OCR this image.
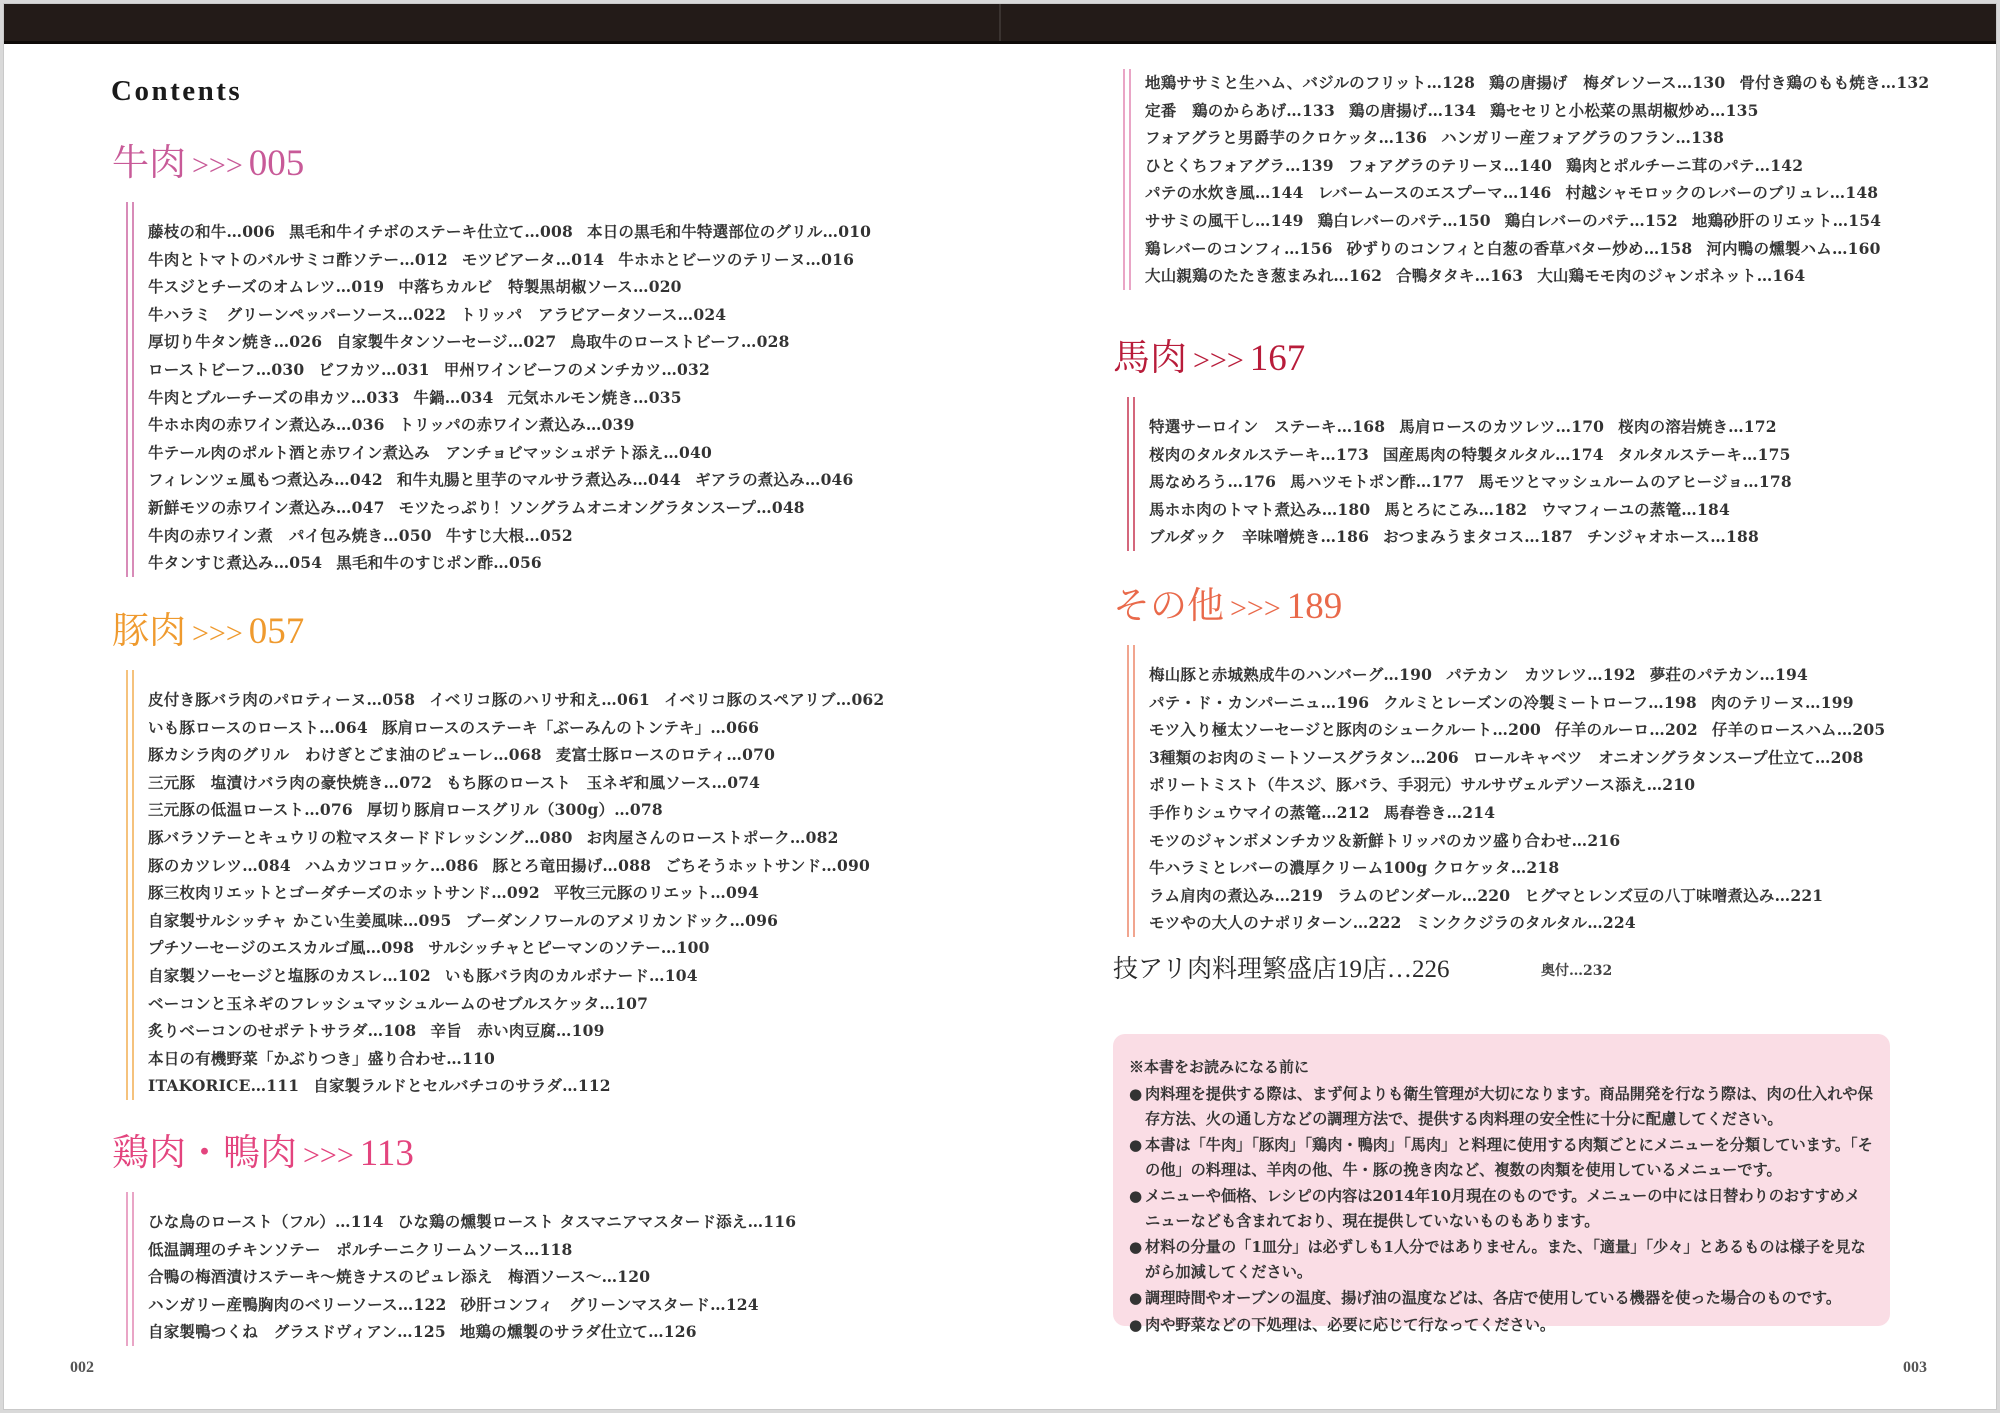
Contents
牛肉 >>> 005
藤枝の和牛…006 黒毛和牛イチボのステーキ仕立て…008 本日の黒毛和牛特選部位のグリル…010
牛肉とトマトのバルサミコ酢ソテー…012 モツビアータ…014 牛ホホとビーツのテリーヌ…016
牛スジとチーズのオムレツ…019 中落ちカルビ　特製黒胡椒ソース…020
牛ハラミ　グリーンペッパーソース…022 トリッパ　アラビアータソース…024
厚切り牛タン焼き…026 自家製牛タンソーセージ…027 鳥取牛のローストビーフ…028
ローストビーフ…030 ビフカツ…031 甲州ワインビーフのメンチカツ…032
牛肉とブルーチーズの串カツ…033 牛鍋…034 元気ホルモン焼き…035
牛ホホ肉の赤ワイン煮込み…036 トリッパの赤ワイン煮込み…039
牛テール肉のポルト酒と赤ワイン煮込み　アンチョビマッシュポテト添え…040
フィレンツェ風もつ煮込み…042 和牛丸腸と里芋のマルサラ煮込み…044 ギアラの煮込み…046
新鮮モツの赤ワイン煮込み…047 モツたっぷり！ソングラムオニオングラタンスープ…048
牛肉の赤ワイン煮　パイ包み焼き…050 牛すじ大根…052
牛タンすじ煮込み…054 黒毛和牛のすじポン酢…056
豚肉 >>> 057
皮付き豚バラ肉のパロティーヌ…058 イベリコ豚のハリサ和え…061 イベリコ豚のスペアリブ…062
いも豚ロースのロースト…064 豚肩ロースのステーキ「ぶーみんのトンテキ」…066
豚カシラ肉のグリル　わけぎとごま油のピューレ…068 麦富士豚ロースのロティ…070
三元豚　塩漬けバラ肉の豪快焼き…072 もち豚のロースト　玉ネギ和風ソース…074
三元豚の低温ロースト…076 厚切り豚肩ロースグリル（300g）…078
豚バラソテーとキュウリの粒マスタードドレッシング…080 お肉屋さんのローストポーク…082
豚のカツレツ…084 ハムカツコロッケ…086 豚とろ竜田揚げ…088 ごちそうホットサンド…090
豚三枚肉リエットとゴーダチーズのホットサンド…092 平牧三元豚のリエット…094
自家製サルシッチャ かこい生姜風味…095 ブーダンノワールのアメリカンドック…096
プチソーセージのエスカルゴ風…098 サルシッチャとピーマンのソテー…100
自家製ソーセージと塩豚のカスレ…102 いも豚バラ肉のカルボナード…104
ベーコンと玉ネギのフレッシュマッシュルームのせブルスケッタ…107
炙りベーコンのせポテトサラダ…108 辛旨　赤い肉豆腐…109
本日の有機野菜「かぶりつき」盛り合わせ…110
ITAKORICE…111 自家製ラルドとセルバチコのサラダ…112
鶏肉・鴨肉 >>> 113
ひな鳥のロースト（フル）…114 ひな鶏の燻製ロースト タスマニアマスタード添え…116
低温調理のチキンソテー　ポルチーニクリームソース…118
合鴨の梅酒漬けステーキ～焼きナスのピュレ添え　梅酒ソース～…120
ハンガリー産鴨胸肉のベリーソース…122 砂肝コンフィ　グリーンマスタード…124
自家製鴨つくね　グラスドヴィアン…125 地鶏の燻製のサラダ仕立て…126
002
地鶏ササミと生ハム、バジルのフリット…128 鶏の唐揚げ　梅ダレソース…130 骨付き鶏のもも焼き…132
定番　鶏のからあげ…133 鶏の唐揚げ…134 鶏セセリと小松菜の黒胡椒炒め…135
フォアグラと男爵芋のクロケッタ…136 ハンガリー産フォアグラのフラン…138
ひとくちフォアグラ…139 フォアグラのテリーヌ…140 鶏肉とポルチーニ茸のパテ…142
パテの水炊き風…144 レバームースのエスプーマ…146 村越シャモロックのレバーのブリュレ…148
ササミの風干し…149 鶏白レバーのパテ…150 鶏白レバーのパテ…152 地鶏砂肝のリエット…154
鶏レバーのコンフィ…156 砂ずりのコンフィと白葱の香草バター炒め…158 河内鴨の燻製ハム…160
大山親鶏のたたき葱まみれ…162 合鴨タタキ…163 大山鶏モモ肉のジャンボネット…164
馬肉 >>> 167
特選サーロイン　ステーキ…168 馬肩ロースのカツレツ…170 桜肉の溶岩焼き…172
桜肉のタルタルステーキ…173 国産馬肉の特製タルタル…174 タルタルステーキ…175
馬なめろう…176 馬ハツモトポン酢…177 馬モツとマッシュルームのアヒージョ…178
馬ホホ肉のトマト煮込み…180 馬とろにこみ…182 ウマフィーユの蒸篭…184
ブルダック　辛味噌焼き…186 おつまみうまタコス…187 チンジャオホース…188
その他 >>> 189
梅山豚と赤城熟成牛のハンバーグ…190 パテカン　カツレツ…192 夢荘のパテカン…194
パテ・ド・カンパーニュ…196 クルミとレーズンの冷製ミートローフ…198 肉のテリーヌ…199
モツ入り極太ソーセージと豚肉のシュークルート…200 仔羊のルーロ…202 仔羊のロースハム…205
3種類のお肉のミートソースグラタン…206 ロールキャベツ　オニオングラタンスープ仕立て…208
ポリートミスト（牛スジ、豚バラ、手羽元）サルサヴェルデソース添え…210
手作りシュウマイの蒸篭…212 馬春巻き…214
モツのジャンボメンチカツ＆新鮮トリッパのカツ盛り合わせ…216
牛ハラミとレバーの濃厚クリーム100g クロケッタ…218
ラム肩肉の煮込み…219 ラムのピンダール…220 ヒグマとレンズ豆の八丁味噌煮込み…221
モツやの大人のナポリターン…222 ミンククジラのタルタル…224
技アリ肉料理繁盛店19店…226	奥付…232
※本書をお読みになる前に
● 肉料理を提供する際は、まず何よりも衛生管理が大切になります。商品開発を行なう際は、肉の仕入れや保存方法、火の通し方などの調理方法で、提供する肉料理の安全性に十分に配慮してください。
● 本書は「牛肉」「豚肉」「鶏肉・鴨肉」「馬肉」と料理に使用する肉類ごとにメニューを分類しています。「その他」の料理は、羊肉の他、牛・豚の挽き肉など、複数の肉類を使用しているメニューです。
● メニューや価格、レシピの内容は2014年10月現在のものです。メニューの中には日替わりのおすすめメニューなども含まれており、現在提供していないものもあります。
● 材料の分量の「1皿分」は必ずしも1人分ではありません。また、「適量」「少々」とあるものは様子を見ながら加減してください。
● 調理時間やオーブンの温度、揚げ油の温度などは、各店で使用している機器を使った場合のものです。
● 肉や野菜などの下処理は、必要に応じて行なってください。
003
